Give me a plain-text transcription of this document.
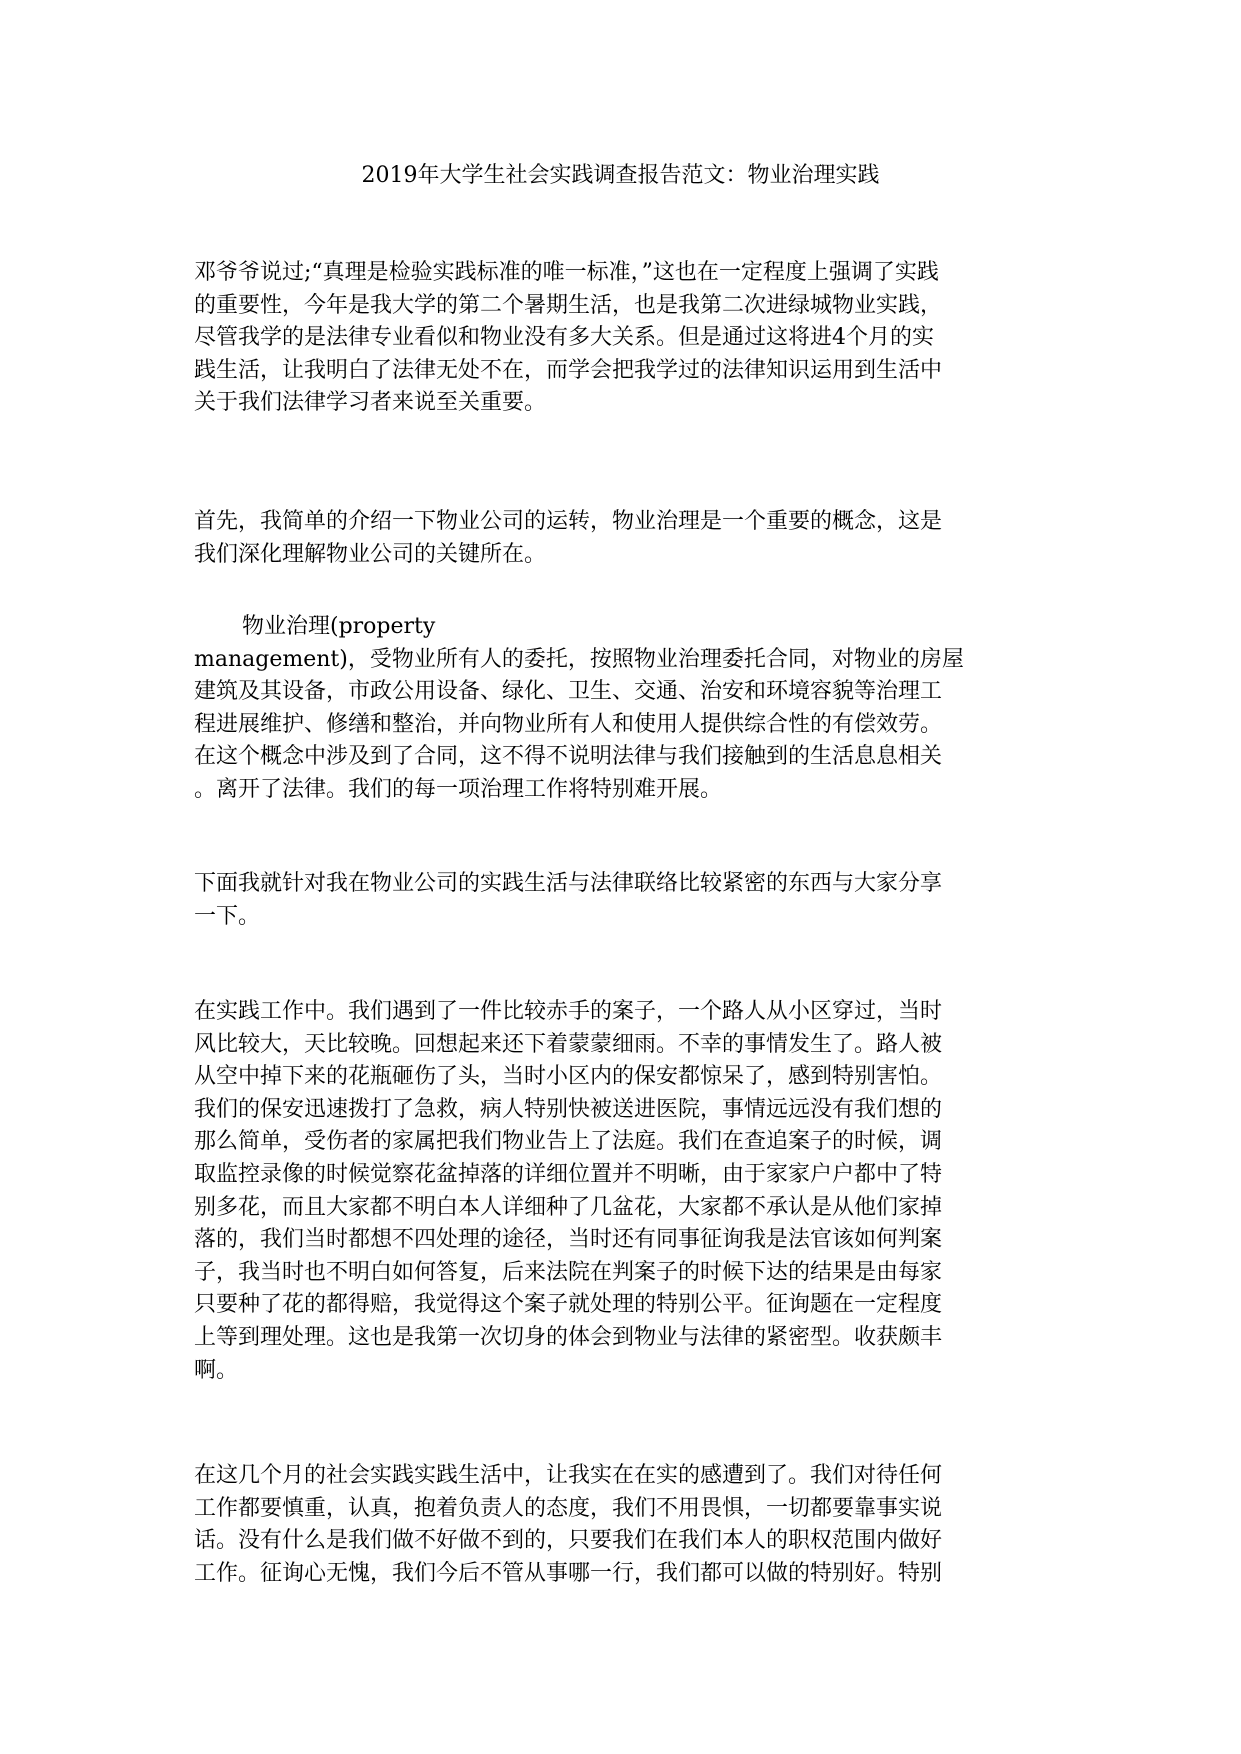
2019年大学生社会实践调查报告范文：物业治理实践
邓爷爷说过;“真理是检验实践标准的唯一标准，”这也在一定程度上强调了实践
的重要性，今年是我大学的第二个暑期生活，也是我第二次进绿城物业实践，
尽管我学的是法律专业看似和物业没有多大关系。但是通过这将进4个月的实
践生活，让我明白了法律无处不在，而学会把我学过的法律知识运用到生活中
关于我们法律学习者来说至关重要。
首先，我简单的介绍一下物业公司的运转，物业治理是一个重要的概念，这是
我们深化理解物业公司的关键所在。
物业治理(property
management)，受物业所有人的委托，按照物业治理委托合同，对物业的房屋
建筑及其设备，市政公用设备、绿化、卫生、交通、治安和环境容貌等治理工
程进展维护、修缮和整治，并向物业所有人和使用人提供综合性的有偿效劳。
在这个概念中涉及到了合同，这不得不说明法律与我们接触到的生活息息相关
。离开了法律。我们的每一项治理工作将特别难开展。
下面我就针对我在物业公司的实践生活与法律联络比较紧密的东西与大家分享
一下。
在实践工作中。我们遇到了一件比较赤手的案子，一个路人从小区穿过，当时
风比较大，天比较晚。回想起来还下着蒙蒙细雨。不幸的事情发生了。路人被
从空中掉下来的花瓶砸伤了头，当时小区内的保安都惊呆了，感到特别害怕。
我们的保安迅速拨打了急救，病人特别快被送进医院，事情远远没有我们想的
那么简单，受伤者的家属把我们物业告上了法庭。我们在查追案子的时候，调
取监控录像的时候觉察花盆掉落的详细位置并不明晰，由于家家户户都中了特
别多花，而且大家都不明白本人详细种了几盆花，大家都不承认是从他们家掉
落的，我们当时都想不四处理的途径，当时还有同事征询我是法官该如何判案
子，我当时也不明白如何答复，后来法院在判案子的时候下达的结果是由每家
只要种了花的都得赔，我觉得这个案子就处理的特别公平。征询题在一定程度
上等到理处理。这也是我第一次切身的体会到物业与法律的紧密型。收获颇丰
啊。
在这几个月的社会实践实践生活中，让我实在在实的感遭到了。我们对待任何
工作都要慎重，认真，抱着负责人的态度，我们不用畏惧，一切都要靠事实说
话。没有什么是我们做不好做不到的，只要我们在我们本人的职权范围内做好
工作。征询心无愧，我们今后不管从事哪一行，我们都可以做的特别好。特别
